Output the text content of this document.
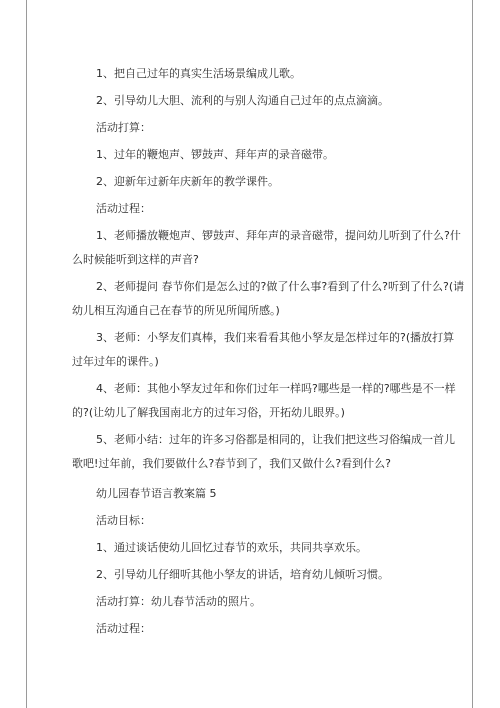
1、把自己过年的真实生活场景编成儿歌。

2、引导幼儿大胆、流利的与别人沟通自己过年的点点滴滴。

活动打算：

1、过年的鞭炮声、锣鼓声、拜年声的录音磁带。

2、迎新年过新年庆新年的教学课件。

活动过程：

1、老师播放鞭炮声、锣鼓声、拜年声的录音磁带，提问幼儿听到了什么?什

么时候能听到这样的声音?

2、老师提问 春节你们是怎么过的?做了什么事?看到了什么?听到了什么?(请

幼儿相互沟通自己在春节的所见所闻所感。)

3、老师：小孥友们真棒，我们来看看其他小孥友是怎样过年的?(播放打算

过年过年的课件。)

4、老师：其他小孥友过年和你们过年一样吗?哪些是一样的?哪些是不一样

的?(让幼儿了解我国南北方的过年习俗，开拓幼儿眼界。)

5、老师小结：过年的许多习俗都是相同的，让我们把这些习俗编成一首儿

歌吧!过年前，我们要做什么?春节到了，我们又做什么?看到什么?

幼儿园春节语言教案篇 5

活动目标：

1、通过谈话使幼儿回忆过春节的欢乐，共同共享欢乐。

2、引导幼儿仔细听其他小孥友的讲话，培育幼儿倾听习惯。

活动打算：幼儿春节活动的照片。

活动过程：
